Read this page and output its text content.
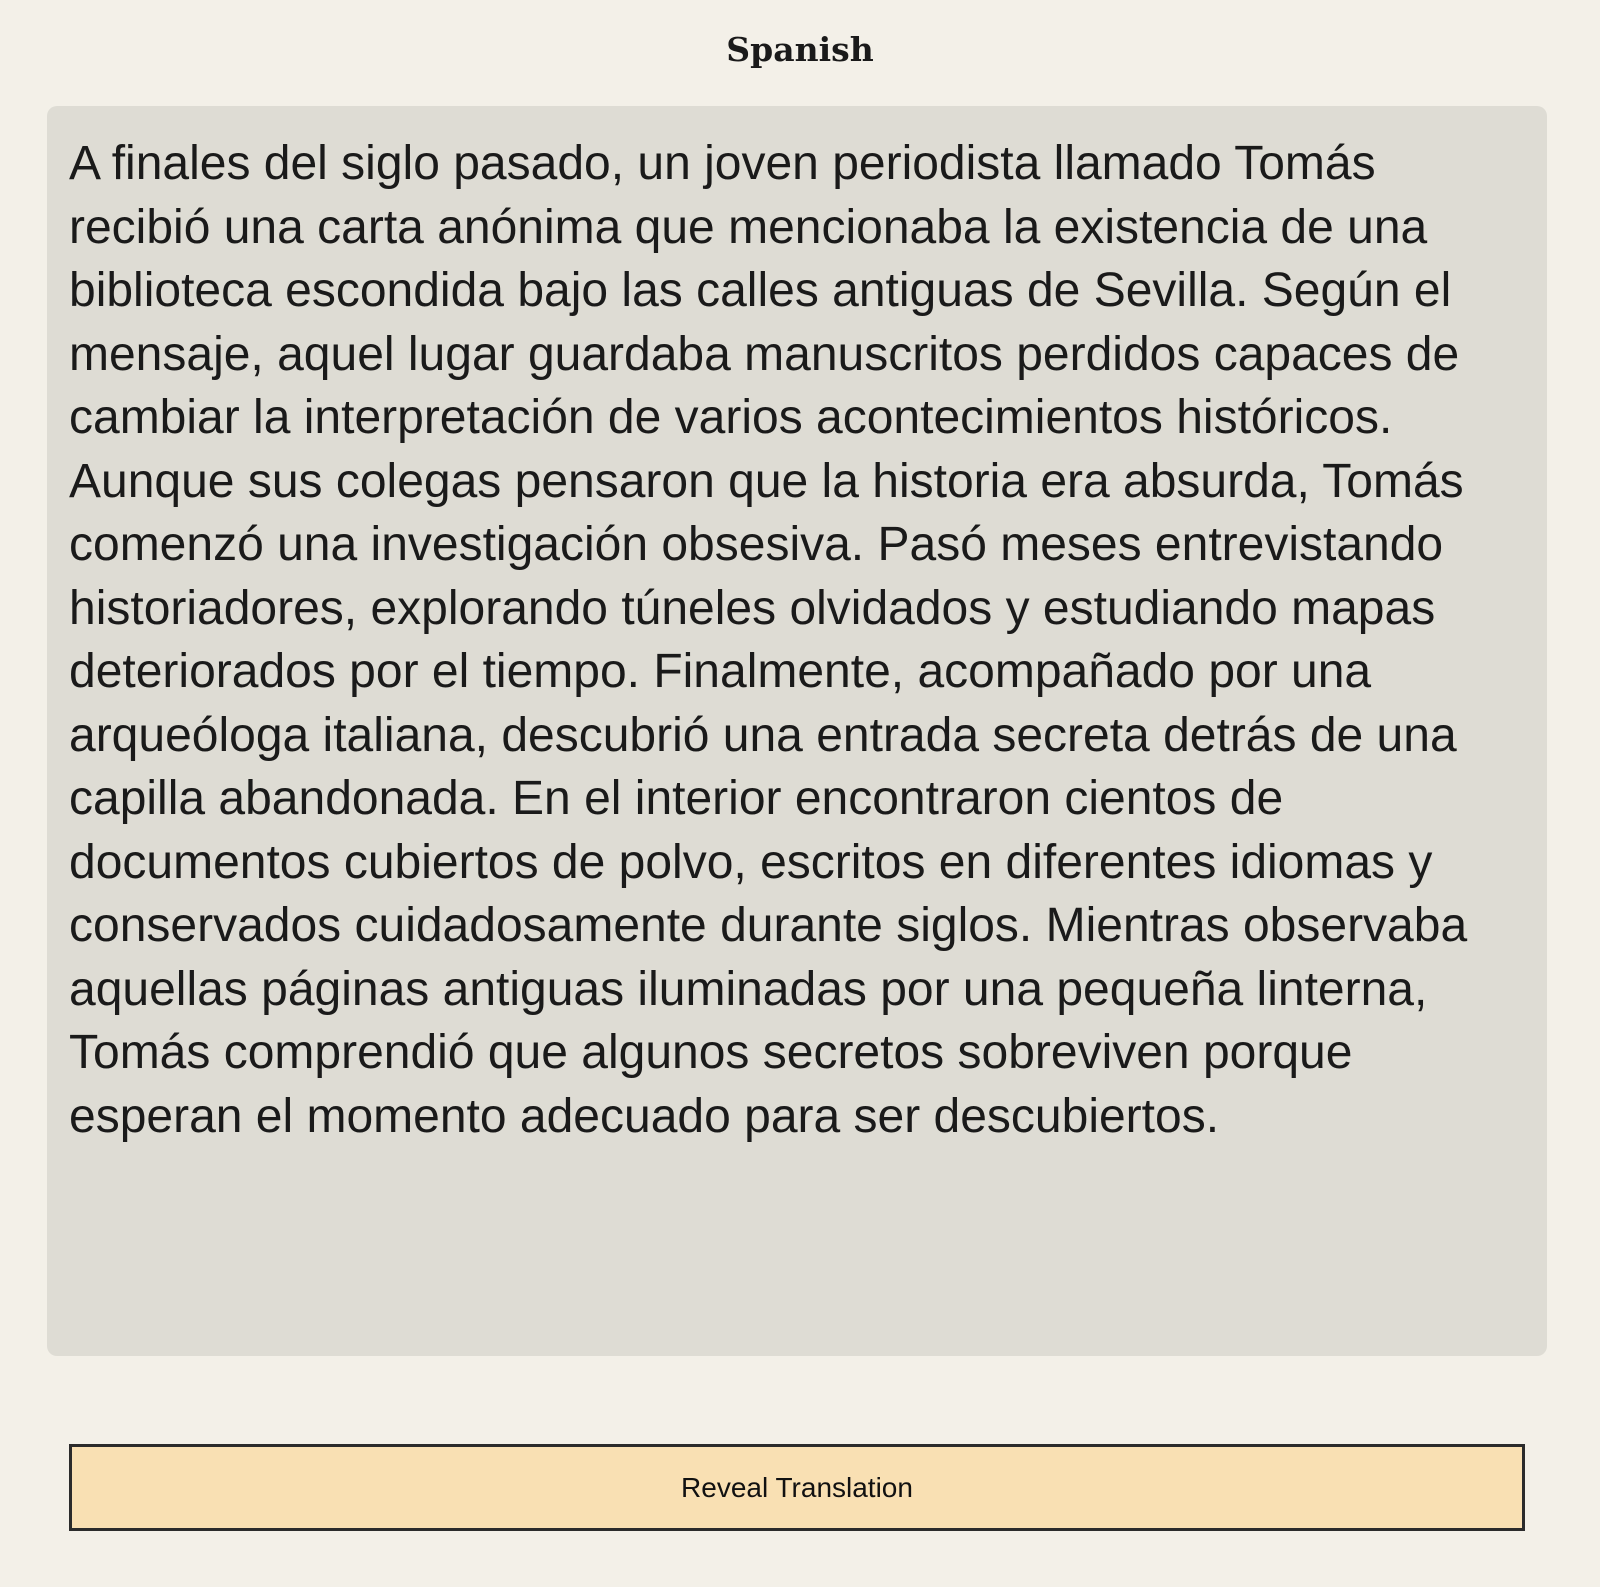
Spanish

A finales del siglo pasado, un joven periodista llamado Tomás recibió una carta anónima que mencionaba la existencia de una biblioteca escondida bajo las calles antiguas de Sevilla. Según el mensaje, aquel lugar guardaba manuscritos perdidos capaces de cambiar la interpretación de varios acontecimientos históricos. Aunque sus colegas pensaron que la historia era absurda, Tomás comenzó una investigación obsesiva. Pasó meses entrevistando historiadores, explorando túneles olvidados y estudiando mapas deteriorados por el tiempo. Finalmente, acompañado por una arqueóloga italiana, descubrió una entrada secreta detrás de una capilla abandonada. En el interior encontraron cientos de documentos cubiertos de polvo, escritos en diferentes idiomas y conservados cuidadosamente durante siglos. Mientras observaba aquellas páginas antiguas iluminadas por una pequeña linterna, Tomás comprendió que algunos secretos sobreviven porque esperan el momento adecuado para ser descubiertos.

Reveal Translation
